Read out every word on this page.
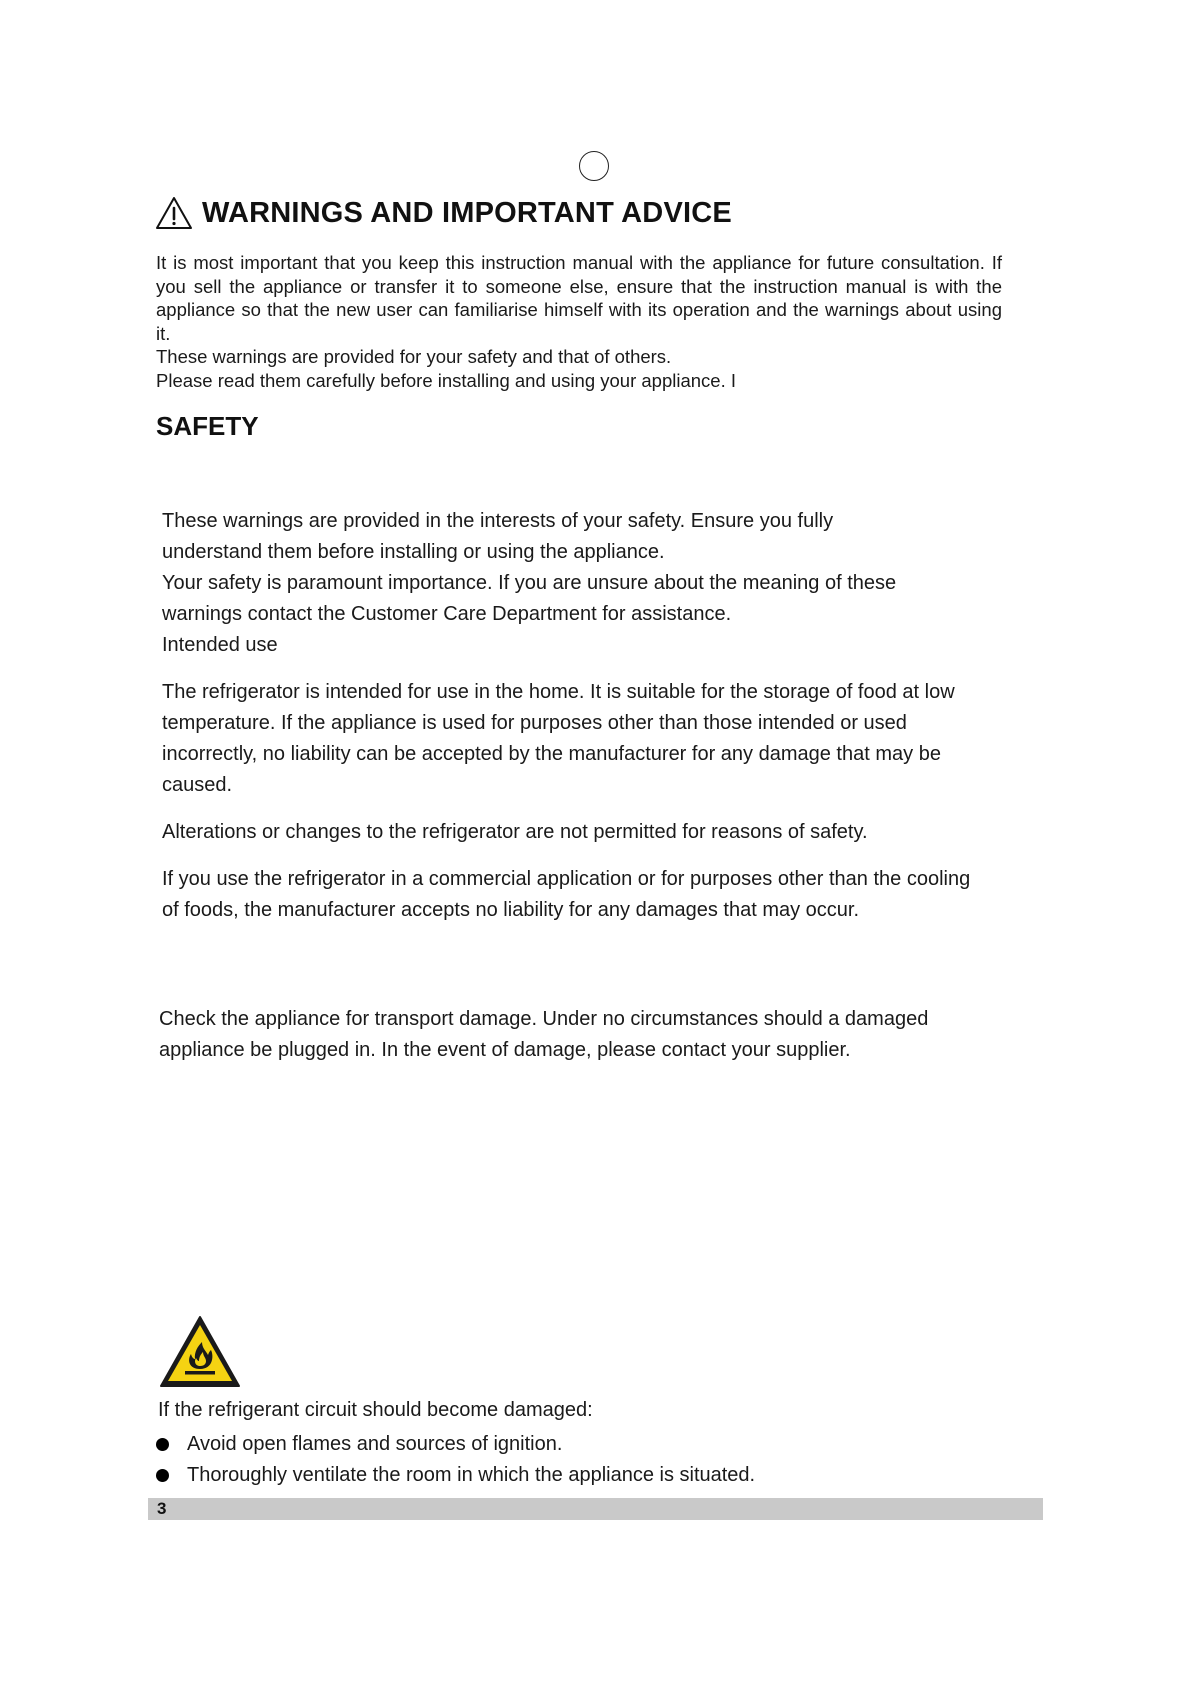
WARNINGS AND IMPORTANT ADVICE

It is most important that you keep this instruction manual with the appliance for future consultation. If you sell the appliance or transfer it to someone else, ensure that the instruction manual is with the appliance so that the new user can familiarise himself with its operation and the warnings about using it.

These warnings are provided for your safety and that of others.

Please read them carefully before installing and using your appliance. I

SAFETY

These warnings are provided in the interests of your safety. Ensure you fully understand them before installing or using the appliance.

Your safety is paramount importance. If you are unsure about the meaning of these warnings contact the Customer Care Department for assistance.

Intended use

The refrigerator is intended for use in the home. It is suitable for the storage of food at low temperature. If the appliance is used for purposes other than those intended or used incorrectly, no liability can be accepted by the manufacturer for any damage that may be caused.

Alterations or changes to the refrigerator are not permitted for reasons of safety.

If you use the refrigerator in a commercial application or for purposes other than the cooling of foods, the manufacturer accepts no liability for any damages that may occur.

Check the appliance for transport damage. Under no circumstances should a damaged appliance be plugged in. In the event of damage, please contact your supplier.

If the refrigerant circuit should become damaged:
Avoid open flames and sources of ignition.
Thoroughly ventilate the room in which the appliance is situated.
3
